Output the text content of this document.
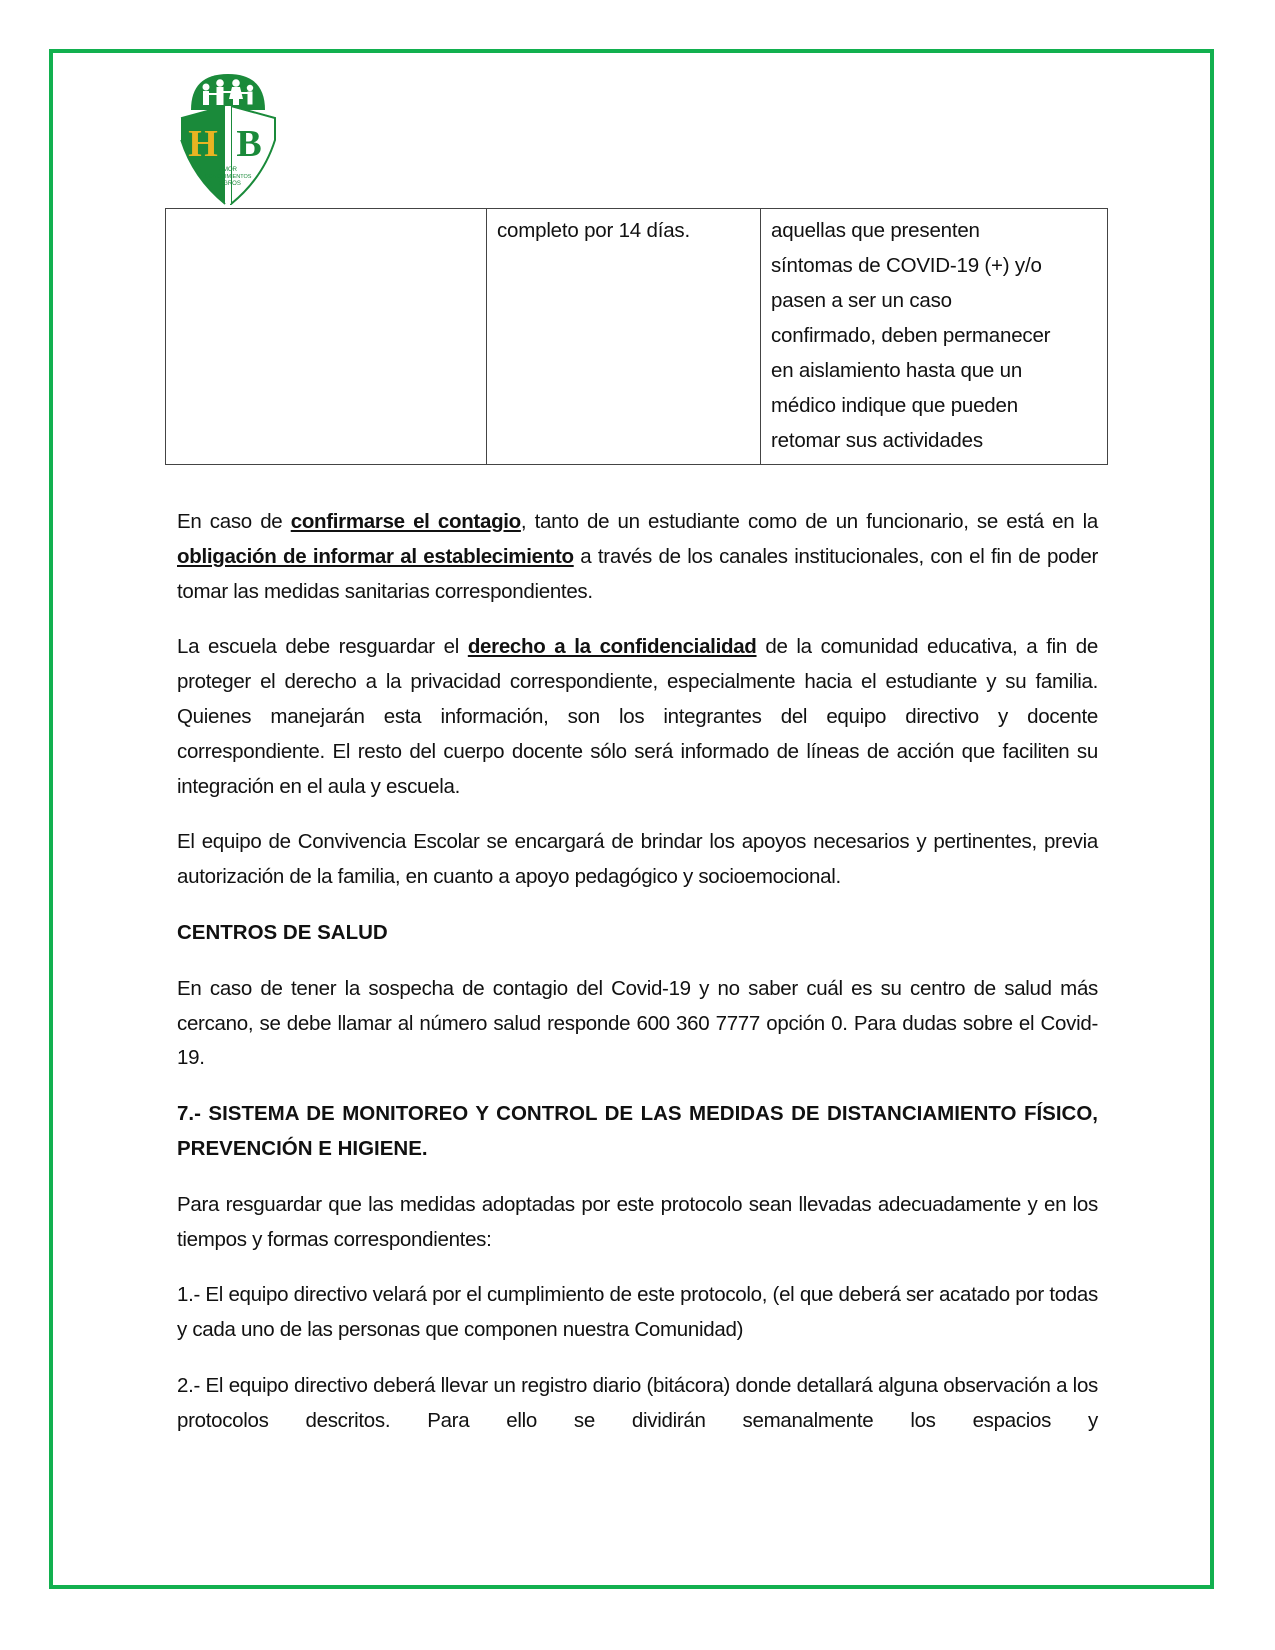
H B
AMOR
CONOCIMIENTOS
LOGROS
	completo por 14 días.	aquellas que presenten
síntomas de COVID-19 (+) y/o
pasen a ser un caso
confirmado, deben permanecer
en aislamiento hasta que un
médico indique que pueden
retomar sus actividades

En caso de confirmarse el contagio, tanto de un estudiante como de un funcionario, se está en la obligación de informar al establecimiento a través de los canales institucionales, con el fin de poder tomar las medidas sanitarias correspondientes.

La escuela debe resguardar el derecho a la confidencialidad de la comunidad educativa, a fin de proteger el derecho a la privacidad correspondiente, especialmente hacia el estudiante y su familia. Quienes manejarán esta información, son los integrantes del equipo directivo y docente correspondiente. El resto del cuerpo docente sólo será informado de líneas de acción que faciliten su integración en el aula y escuela.

El equipo de Convivencia Escolar se encargará de brindar los apoyos necesarios y pertinentes, previa autorización de la familia, en cuanto a apoyo pedagógico y socioemocional.

CENTROS DE SALUD

En caso de tener la sospecha de contagio del Covid-19 y no saber cuál es su centro de salud más cercano, se debe llamar al número salud responde 600 360 7777 opción 0. Para dudas sobre el Covid-19.

7.- SISTEMA DE MONITOREO Y CONTROL DE LAS MEDIDAS DE DISTANCIAMIENTO FÍSICO, PREVENCIÓN E HIGIENE.

Para resguardar que las medidas adoptadas por este protocolo sean llevadas adecuadamente y en los tiempos y formas correspondientes:

1.- El equipo directivo velará por el cumplimiento de este protocolo, (el que deberá ser acatado por todas y cada uno de las personas que componen nuestra Comunidad)

2.- El equipo directivo deberá llevar un registro diario (bitácora) donde detallará alguna observación a los protocolos descritos. Para ello se dividirán semanalmente los espacios y
